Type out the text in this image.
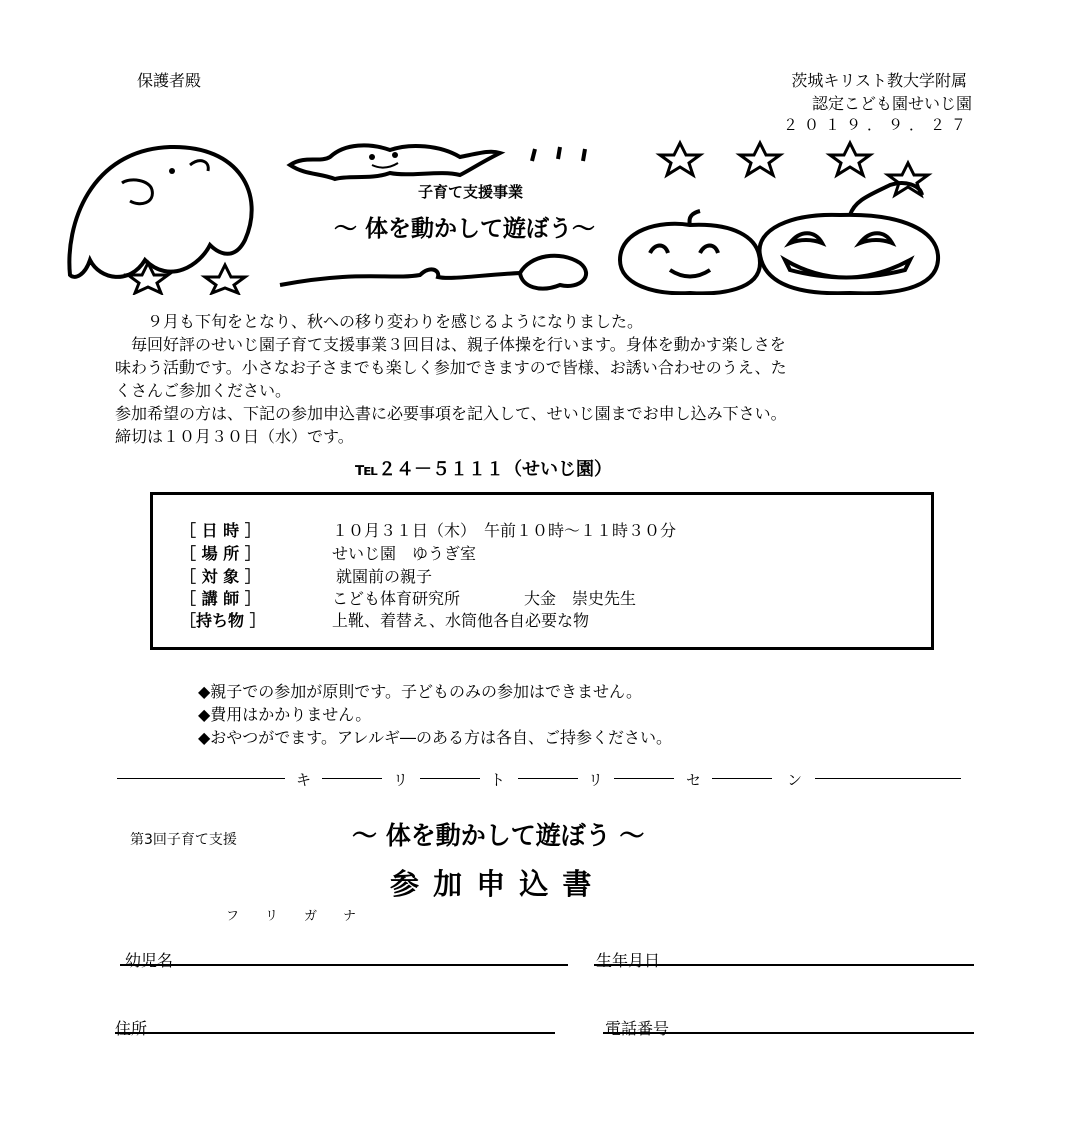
保護者殿	茨城キリスト教大学附属
認定こども園せいじ園
２０１９．９．２７
子育て支援事業
～ 体を動かして遊ぼう～
９月も下旬をとなり、秋への移り変わりを感じるようになりました。
毎回好評のせいじ園子育て支援事業３回目は、親子体操を行います。身体を動かす楽しさを
味わう活動です。小さなお子さまでも楽しく参加できますので皆様、お誘い合わせのうえ、た
くさんご参加ください。
参加希望の方は、下記の参加申込書に必要事項を記入して、せいじ園までお申し込み下さい。
締切は１０月３０日（水）です。
℡２４－５１１１（せいじ園）
［ 日 時 ］	１０月３１日（木）　午前１０時～１１時３０分
［ 場 所 ］	せいじ園　ゆうぎ室
［ 対 象 ］	就園前の親子
［ 講 師 ］	こども体育研究所　　　　大金　崇史先生
［持ち物 ］	上靴、着替え、水筒他各自必要な物
◆親子での参加が原則です。子どものみの参加はできません。
◆費用はかかりません。
◆おやつがでます。アレルギ―のある方は各自、ご持参ください。
キ	リ	ト	リ	セ	ン
第3回子育て支援	～ 体を動かして遊ぼう ～
参 加 申 込 書
フ　　リ　　ガ　　ナ
幼児名	生年月日
住所	電話番号
